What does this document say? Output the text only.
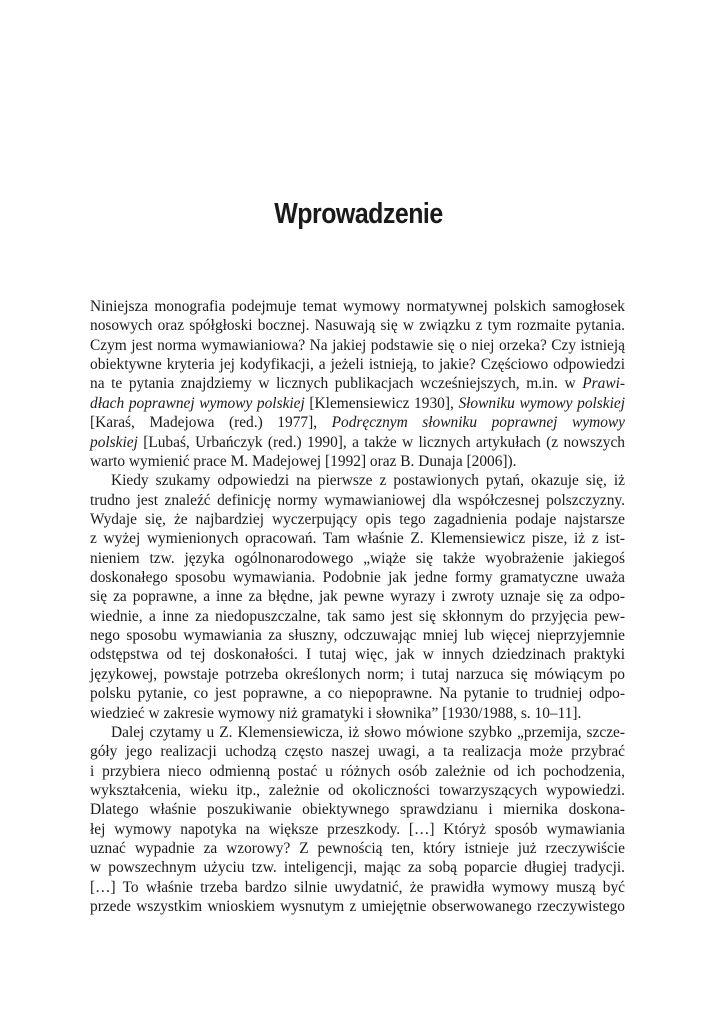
Wprowadzenie
Niniejsza monografia podejmuje temat wymowy normatywnej polskich samogłosek
nosowych oraz spółgłoski bocznej. Nasuwają się w związku z tym rozmaite pytania.
Czym jest norma wymawianiowa? Na jakiej podstawie się o niej orzeka? Czy istnieją
obiektywne kryteria jej kodyfikacji, a jeżeli istnieją, to jakie? Częściowo odpowiedzi
na te pytania znajdziemy w licznych publikacjach wcześniejszych, m.in. w Prawi-
dłach poprawnej wymowy polskiej [Klemensiewicz 1930], Słowniku wymowy polskiej
[Karaś, Madejowa (red.) 1977], Podręcznym słowniku poprawnej wymowy
polskiej [Lubaś, Urbańczyk (red.) 1990], a także w licznych artykułach (z nowszych
warto wymienić prace M. Madejowej [1992] oraz B. Dunaja [2006]).
Kiedy szukamy odpowiedzi na pierwsze z postawionych pytań, okazuje się, iż
trudno jest znaleźć definicję normy wymawianiowej dla współczesnej polszczyzny.
Wydaje się, że najbardziej wyczerpujący opis tego zagadnienia podaje najstarsze
z wyżej wymienionych opracowań. Tam właśnie Z. Klemensiewicz pisze, iż z ist-
nieniem tzw. języka ogólnonarodowego „wiąże się także wyobrażenie jakiegoś
doskonałego sposobu wymawiania. Podobnie jak jedne formy gramatyczne uważa
się za poprawne, a inne za błędne, jak pewne wyrazy i zwroty uznaje się za odpo-
wiednie, a inne za niedopuszczalne, tak samo jest się skłonnym do przyjęcia pew-
nego sposobu wymawiania za słuszny, odczuwając mniej lub więcej nieprzyjemnie
odstępstwa od tej doskonałości. I tutaj więc, jak w innych dziedzinach praktyki
językowej, powstaje potrzeba określonych norm; i tutaj narzuca się mówiącym po
polsku pytanie, co jest poprawne, a co niepoprawne. Na pytanie to trudniej odpo-
wiedzieć w zakresie wymowy niż gramatyki i słownika” [1930/1988, s. 10–11].
Dalej czytamy u Z. Klemensiewicza, iż słowo mówione szybko „przemija, szcze-
góły jego realizacji uchodzą często naszej uwagi, a ta realizacja może przybrać
i przybiera nieco odmienną postać u różnych osób zależnie od ich pochodzenia,
wykształcenia, wieku itp., zależnie od okoliczności towarzyszących wypowiedzi.
Dlatego właśnie poszukiwanie obiektywnego sprawdzianu i miernika doskona-
łej wymowy napotyka na większe przeszkody. […] Któryż sposób wymawiania
uznać wypadnie za wzorowy? Z pewnością ten, który istnieje już rzeczywiście
w powszechnym użyciu tzw. inteligencji, mając za sobą poparcie długiej tradycji.
[…] To właśnie trzeba bardzo silnie uwydatnić, że prawidła wymowy muszą być
przede wszystkim wnioskiem wysnutym z umiejętnie obserwowanego rzeczywistego
